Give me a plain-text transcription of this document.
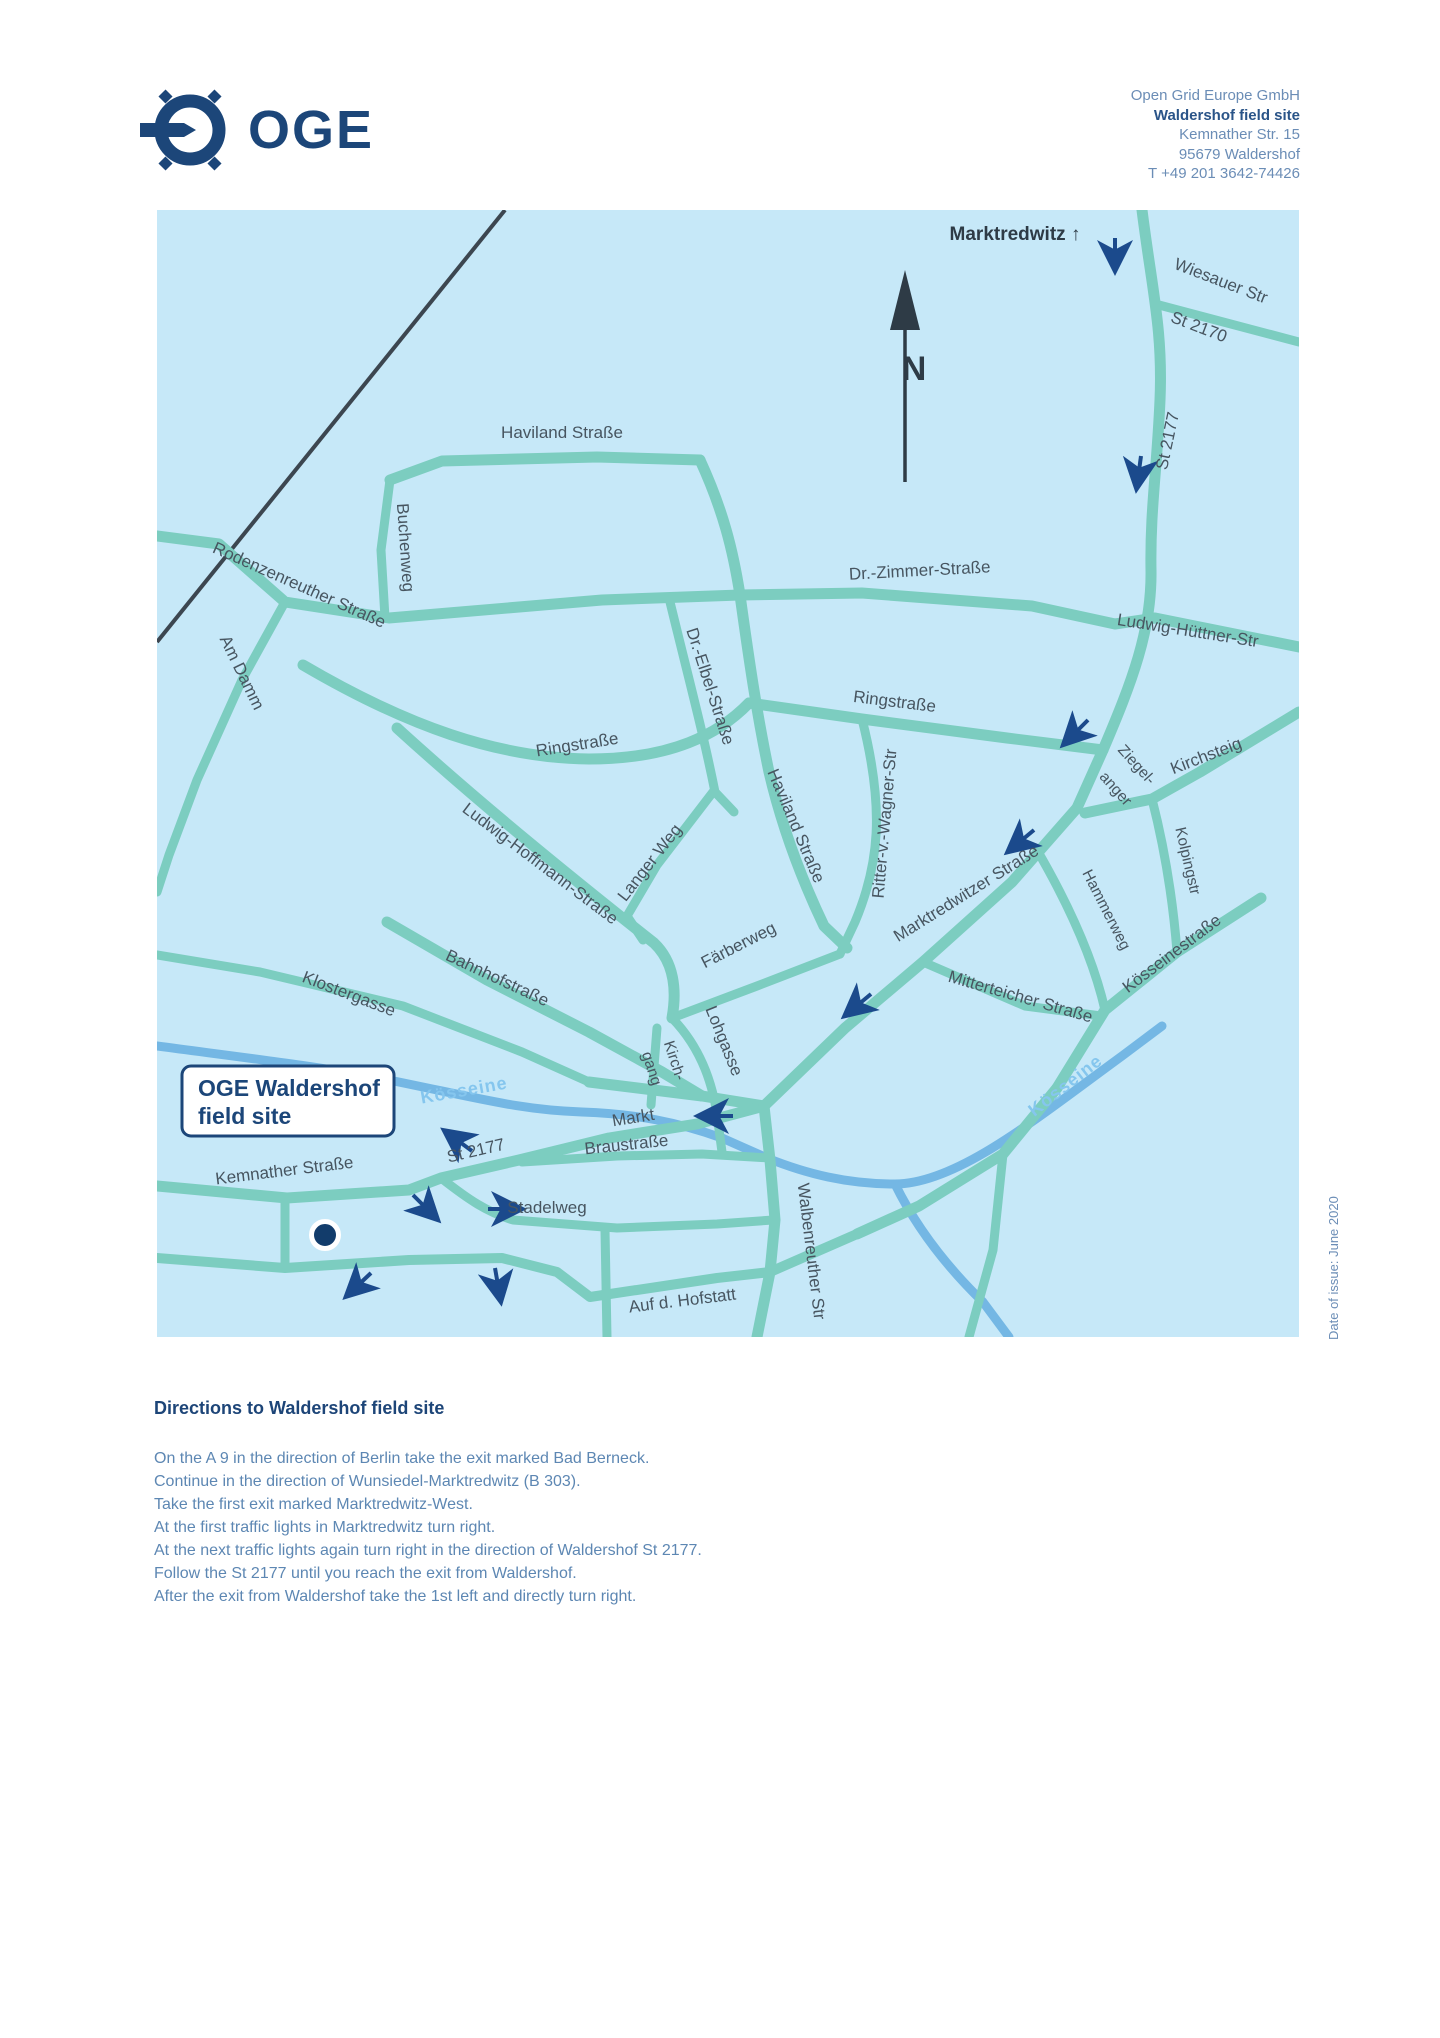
OGE
Open Grid Europe GmbH
Waldershof field site
Kemnather Str. 15
95679 Waldershof
T +49 201 3642-74426
Marktredwitz ↑
N
Wiesauer Str
St 2170
St 2177
Haviland Straße
Buchenweg
Rodenzenreuther Straße
Am Damm
Dr.-Zimmer-Straße
Ludwig-Hüttner-Str
Ringstraße
Ziegel-
anger
Kirchsteig
Kolpingstr
Kösseinestraße
Hammerweg
Ritter-v.-Wagner-Str
Marktredwitzer Straße
Mitterteicher Straße
Ringstraße
Ludwig-Hoffmann-Straße
Langer Weg	Haviland Straße
Dr.-Elbel-Straße
Färberweg
Bahnhofstraße
Klostergasse
Lohgasse
Kirch-
gang
Markt
Braustraße
Walbenreuther Str
Auf d. Hofstatt
Kemnather Straße
Stadelweg
St 2177
Kösseine	Kösseine
OGE Waldershof
field site
Date of issue: June 2020
Directions to Waldershof field site
On the A 9 in the direction of Berlin take the exit marked Bad Berneck.
Continue in the direction of Wunsiedel-Marktredwitz (B 303).
Take the first exit marked Marktredwitz-West.
At the first traffic lights in Marktredwitz turn right.
At the next traffic lights again turn right in the direction of Waldershof St 2177.
Follow the St 2177 until you reach the exit from Waldershof.
After the exit from Waldershof take the 1st left and directly turn right.
